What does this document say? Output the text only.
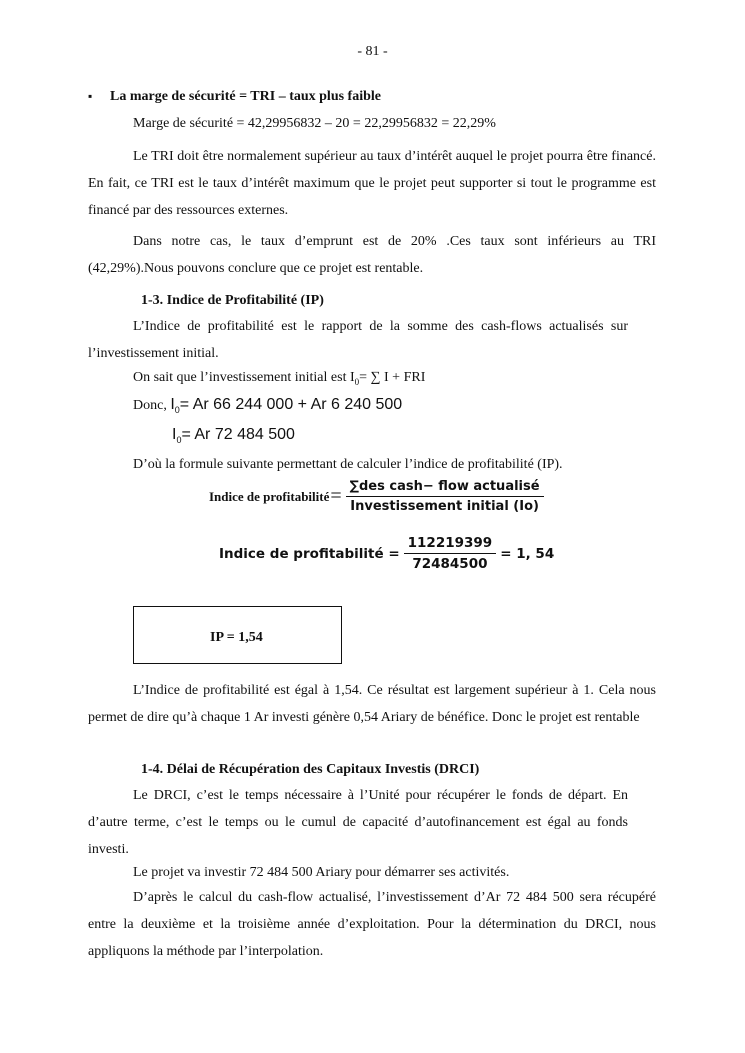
- 81 -
▪ La marge de sécurité = TRI – taux plus faible
Marge de sécurité = 42,29956832 – 20 = 22,29956832 = 22,29%
Le TRI doit être normalement supérieur au taux d’intérêt auquel le projet pourra être financé. En fait, ce TRI est le taux d’intérêt maximum que le projet peut supporter si tout le programme est financé par des ressources externes.
Dans notre cas, le taux d’emprunt est de 20% .Ces taux sont inférieurs au TRI (42,29%).Nous pouvons conclure que ce projet est rentable.
1-3. Indice de Profitabilité (IP)
L’Indice de profitabilité est le rapport de la somme des cash-flows actualisés sur l’investissement initial.
On sait que l’investissement initial est $I_0=$ ∑ I + FRI
Donc, $I_0= Ar$ 66 244 000 + Ar 6 240 500
$I_0= Ar$ 72 484 500
D’où la formule suivante permettant de calculer l’indice de profitabilité (IP).
Indice de profitabilité = $\frac{\text{∑des cash− flow actualisé}}{\text{Investissement initial (Io)}}$
Indice de profitabilité = $\frac{112219399}{72484500} = 1$, 54
IP = 1,54
L’Indice de profitabilité est égal à 1,54. Ce résultat est largement supérieur à 1. Cela nous permet de dire qu’à chaque 1 Ar investi génère 0,54 Ariary de bénéfice. Donc le projet est rentable
1-4. Délai de Récupération des Capitaux Investis (DRCI)
Le DRCI, c’est le temps nécessaire à l’Unité pour récupérer le fonds de départ. En d’autre terme, c’est le temps ou le cumul de capacité d’autofinancement est égal au fonds investi.
Le projet va investir 72 484 500 Ariary pour démarrer ses activités.
D’après le calcul du cash-flow actualisé, l’investissement d’Ar 72 484 500 sera récupéré entre la deuxième et la troisième année d’exploitation. Pour la détermination du DRCI, nous appliquons la méthode par l’interpolation.
